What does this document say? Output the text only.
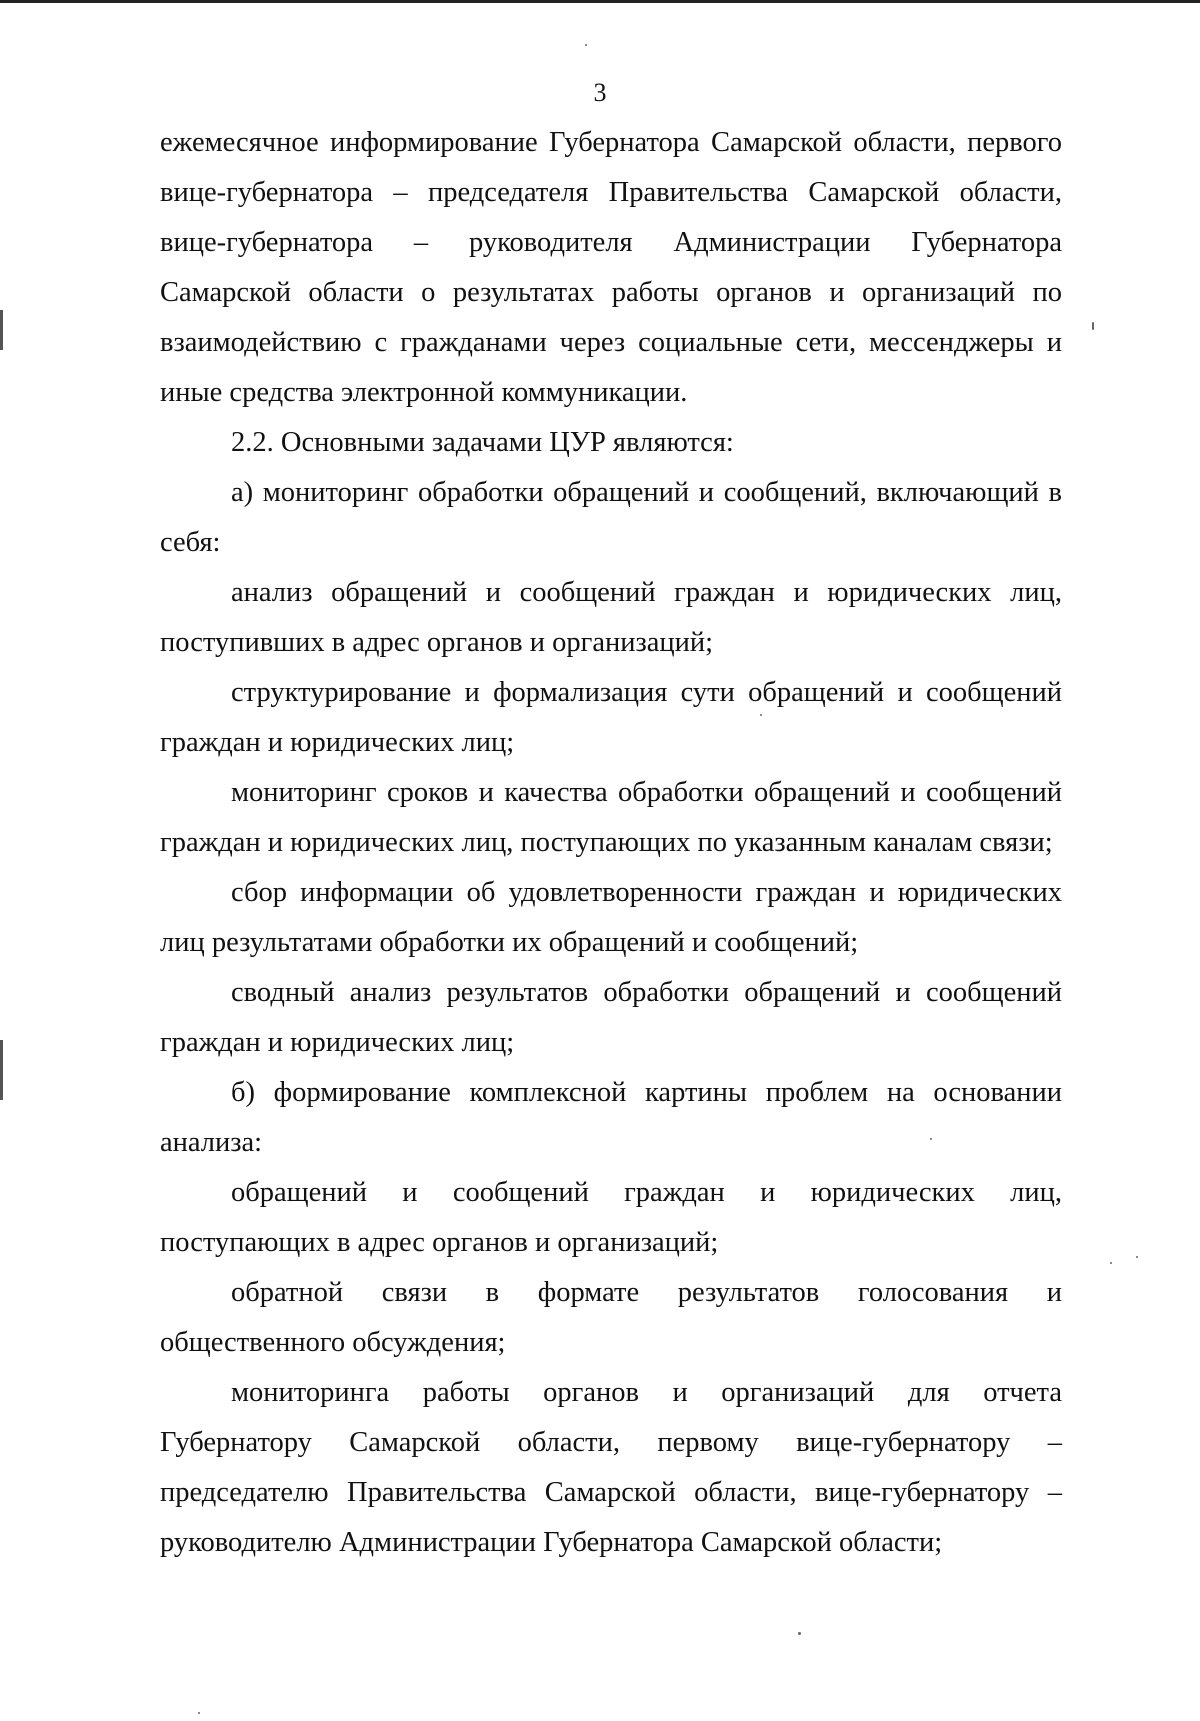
3

ежемесячное информирование Губернатора Самарской области, первого вице-губернатора – председателя Правительства Самарской области, вице-губернатора – руководителя Администрации Губернатора Самарской области о результатах работы органов и организаций по взаимодействию с гражданами через социальные сети, мессенджеры и иные средства электронной коммуникации.

2.2. Основными задачами ЦУР являются:

а) мониторинг обработки обращений и сообщений, включающий в себя:

анализ обращений и сообщений граждан и юридических лиц, поступивших в адрес органов и организаций;

структурирование и формализация сути обращений и сообщений граждан и юридических лиц;

мониторинг сроков и качества обработки обращений и сообщений граждан и юридических лиц, поступающих по указанным каналам связи;

сбор информации об удовлетворенности граждан и юридических лиц результатами обработки их обращений и сообщений;

сводный анализ результатов обработки обращений и сообщений граждан и юридических лиц;

б) формирование комплексной картины проблем на основании анализа:

обращений и сообщений граждан и юридических лиц, поступающих в адрес органов и организаций;

обратной связи в формате результатов голосования и общественного обсуждения;

мониторинга работы органов и организаций для отчета Губернатору Самарской области, первому вице-губернатору – председателю Правительства Самарской области, вице-губернатору – руководителю Администрации Губернатора Самарской области;
